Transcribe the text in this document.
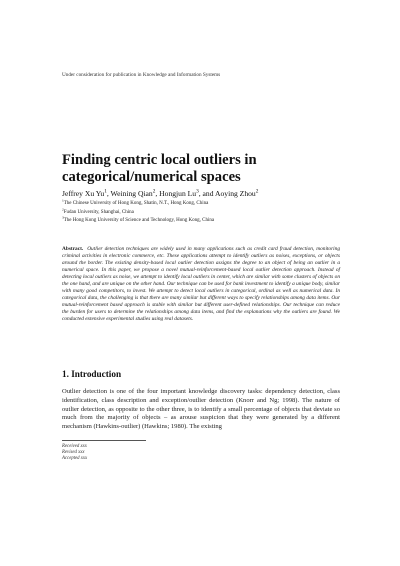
Under consideration for publication in Knowledge and Information Systems
Finding centric local outliers in categorical/numerical spaces
Jeffrey Xu Yu$^1$, Weining Qian$^2$, Hongjun Lu$^3$, and Aoying Zhou$^2$
$^1$The Chinese University of Hong Kong, Shatin, N.T., Hong Kong, China
$^2$Fudan University, Shanghai, China
$^3$The Hong Kong University of Science and Technology, Hong Kong, China
Abstract. Outlier detection techniques are widely used in many applications such as credit card fraud detection, monitoring criminal activities in electronic commerce, etc. These applications attempt to identify outliers as noises, exceptions, or objects around the border. The existing density-based local outlier detection assigns the degree to an object of being an outlier in a numerical space. In this paper, we propose a novel mutual-reinforcement-based local outlier detection approach. Instead of detecting local outliers as noise, we attempt to identify local outliers in center, which are similar with some clusters of objects on the one hand, and are unique on the other hand. Our technique can be used for bank investment to identify a unique body, similar with many good competitors, to invest. We attempt to detect local outliers in categorical, ordinal as well as numerical data. In categorical data, the challenging is that there are many similar but different ways to specify relationships among data items. Our mutual-reinforcement based approach is stable with similar but different user-defined relationships. Our technique can reduce the burden for users to determine the relationships among data items, and find the explanations why the outliers are found. We conducted extensive experimental studies using real datasets.
1. Introduction
Outlier detection is one of the four important knowledge discovery tasks: dependency detection, class identification, class description and exception/outlier detection (Knorr and Ng; 1998). The nature of outlier detection, as opposite to the other three, is to identify a small percentage of objects that deviate so much from the majority of objects – as arouse suspicion that they were generated by a different mechanism (Hawkins-outlier) (Hawkins; 1980). The existing
Received xxx
Revised xxx
Accepted xxx
